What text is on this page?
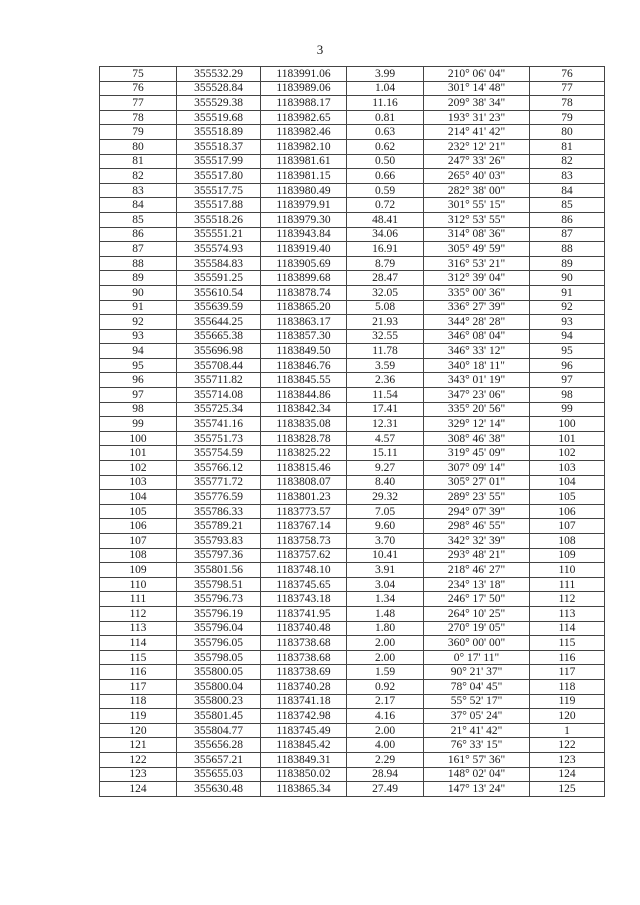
3
75	355532.29	1183991.06	3.99	210° 06' 04"	76
76	355528.84	1183989.06	1.04	301° 14' 48"	77
77	355529.38	1183988.17	11.16	209° 38' 34"	78
78	355519.68	1183982.65	0.81	193° 31' 23"	79
79	355518.89	1183982.46	0.63	214° 41' 42"	80
80	355518.37	1183982.10	0.62	232° 12' 21"	81
81	355517.99	1183981.61	0.50	247° 33' 26"	82
82	355517.80	1183981.15	0.66	265° 40' 03"	83
83	355517.75	1183980.49	0.59	282° 38' 00"	84
84	355517.88	1183979.91	0.72	301° 55' 15"	85
85	355518.26	1183979.30	48.41	312° 53' 55"	86
86	355551.21	1183943.84	34.06	314° 08' 36"	87
87	355574.93	1183919.40	16.91	305° 49' 59"	88
88	355584.83	1183905.69	8.79	316° 53' 21"	89
89	355591.25	1183899.68	28.47	312° 39' 04"	90
90	355610.54	1183878.74	32.05	335° 00' 36"	91
91	355639.59	1183865.20	5.08	336° 27' 39"	92
92	355644.25	1183863.17	21.93	344° 28' 28"	93
93	355665.38	1183857.30	32.55	346° 08' 04"	94
94	355696.98	1183849.50	11.78	346° 33' 12"	95
95	355708.44	1183846.76	3.59	340° 18' 11"	96
96	355711.82	1183845.55	2.36	343° 01' 19"	97
97	355714.08	1183844.86	11.54	347° 23' 06"	98
98	355725.34	1183842.34	17.41	335° 20' 56"	99
99	355741.16	1183835.08	12.31	329° 12' 14"	100
100	355751.73	1183828.78	4.57	308° 46' 38"	101
101	355754.59	1183825.22	15.11	319° 45' 09"	102
102	355766.12	1183815.46	9.27	307° 09' 14"	103
103	355771.72	1183808.07	8.40	305° 27' 01"	104
104	355776.59	1183801.23	29.32	289° 23' 55"	105
105	355786.33	1183773.57	7.05	294° 07' 39"	106
106	355789.21	1183767.14	9.60	298° 46' 55"	107
107	355793.83	1183758.73	3.70	342° 32' 39"	108
108	355797.36	1183757.62	10.41	293° 48' 21"	109
109	355801.56	1183748.10	3.91	218° 46' 27"	110
110	355798.51	1183745.65	3.04	234° 13' 18"	111
111	355796.73	1183743.18	1.34	246° 17' 50"	112
112	355796.19	1183741.95	1.48	264° 10' 25"	113
113	355796.04	1183740.48	1.80	270° 19' 05"	114
114	355796.05	1183738.68	2.00	360° 00' 00"	115
115	355798.05	1183738.68	2.00	0° 17' 11"	116
116	355800.05	1183738.69	1.59	90° 21' 37"	117
117	355800.04	1183740.28	0.92	78° 04' 45"	118
118	355800.23	1183741.18	2.17	55° 52' 17"	119
119	355801.45	1183742.98	4.16	37° 05' 24"	120
120	355804.77	1183745.49	2.00	21° 41' 42"	1
121	355656.28	1183845.42	4.00	76° 33' 15"	122
122	355657.21	1183849.31	2.29	161° 57' 36"	123
123	355655.03	1183850.02	28.94	148° 02' 04"	124
124	355630.48	1183865.34	27.49	147° 13' 24"	125
